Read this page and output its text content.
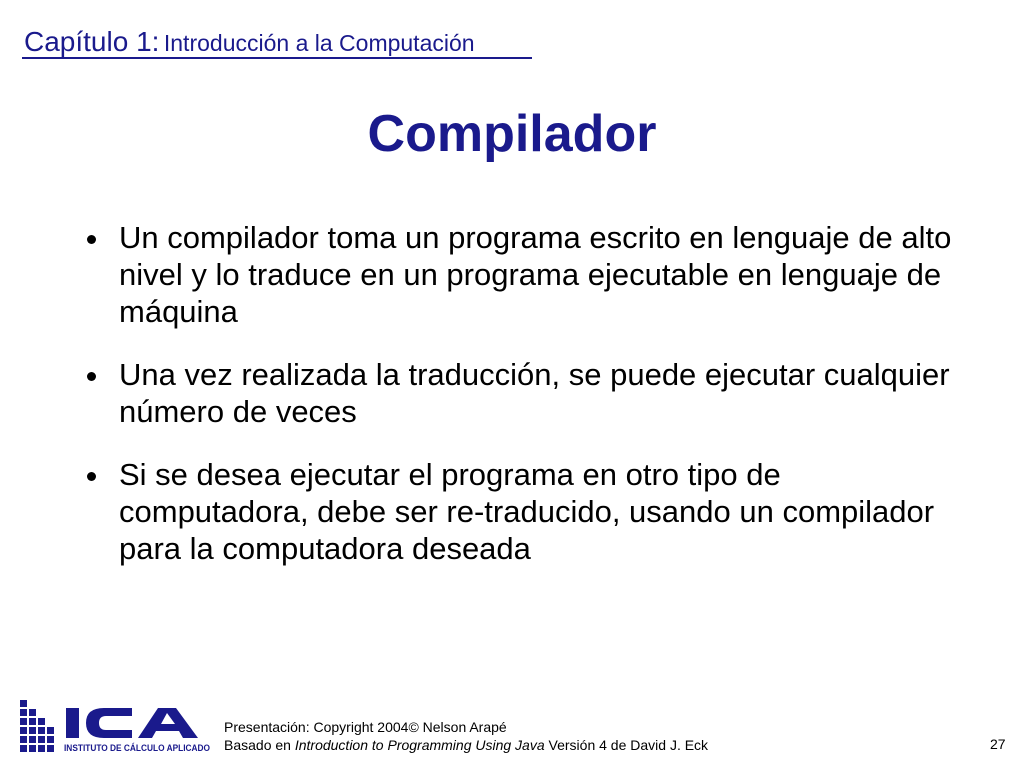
Capítulo 1: Introducción a la Computación
Compilador
Un compilador toma un programa escrito en lenguaje de alto nivel y lo traduce en un programa ejecutable en lenguaje de máquina
Una vez realizada la traducción, se puede ejecutar cualquier número de veces
Si se desea ejecutar el programa en otro tipo de computadora, debe ser re-traducido, usando un compilador para la computadora deseada
INSTITUTO DE CÁLCULO APLICADO
Presentación: Copyright 2004© Nelson Arapé
Basado en Introduction to Programming Using Java Versión 4 de David J. Eck	27
